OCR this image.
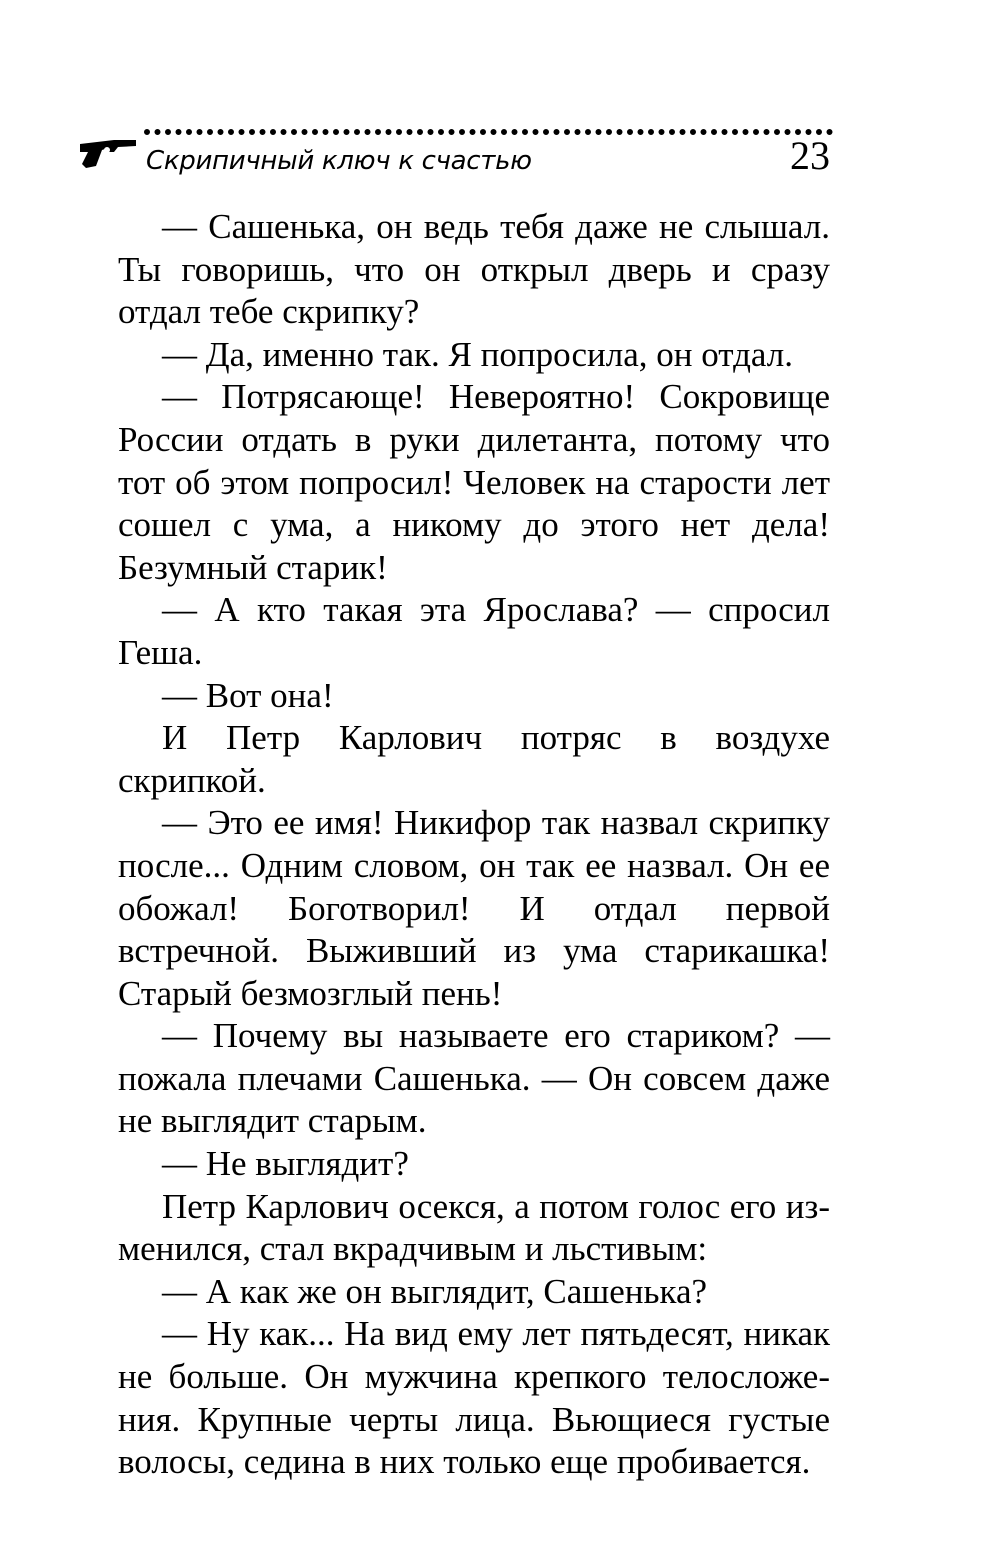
Скрипичный ключ к счастью	23

— Сашенька, он ведь тебя даже не слышал. Ты говоришь, что он открыл дверь и сразу отдал тебе скрипку?

— Да, именно так. Я попросила, он отдал.

— Потрясающе! Невероятно! Сокровище России отдать в руки дилетанта, потому что тот об этом попросил! Человек на старости лет сошел с ума, а никому до этого нет дела! Безумный старик!

— А кто такая эта Ярослава? — спросил Геша.

— Вот она!

И Петр Карлович потряс в воздухе скрипкой.

— Это ее имя! Никифор так назвал скрипку после... Одним словом, он так ее назвал. Он ее обожал! Боготворил! И отдал первой встречной. Выживший из ума старикашка! Старый безмозглый пень!

— Почему вы называете его стариком? — пожала плечами Сашенька. — Он совсем даже не выглядит старым.

— Не выглядит?

Петр Карлович осекся, а потом голос его изменился, стал вкрадчивым и льстивым:

— А как же он выглядит, Сашенька?

— Ну как... На вид ему лет пятьдесят, никак не больше. Он мужчина крепкого телосложения. Крупные черты лица. Вьющиеся густые волосы, седина в них только еще пробивается.
